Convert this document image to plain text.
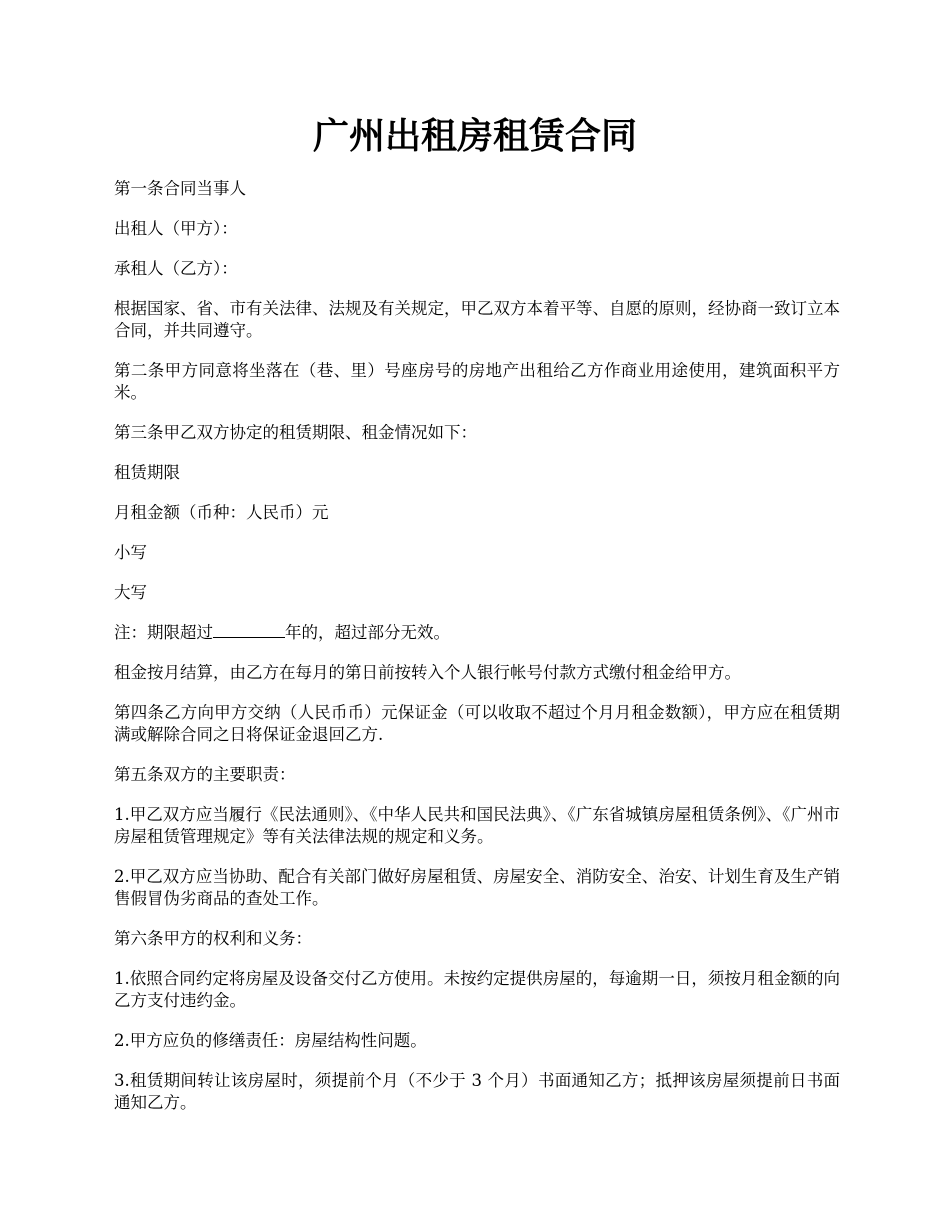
广州出租房租赁合同

第一条合同当事人

出租人（甲方）：

承租人（乙方）：

根据国家、省、市有关法律、法规及有关规定，甲乙双方本着平等、自愿的原则，经协商一致订立本合同，并共同遵守。

第二条甲方同意将坐落在（巷、里）号座房号的房地产出租给乙方作商业用途使用，建筑面积平方米。

第三条甲乙双方协定的租赁期限、租金情况如下：

租赁期限

月租金额（币种：人民币）元

小写

大写

注：期限超过	年的，超过部分无效。

租金按月结算，由乙方在每月的第日前按转入个人银行帐号付款方式缴付租金给甲方。

第四条乙方向甲方交纳（人民币币）元保证金（可以收取不超过个月月租金数额），甲方应在租赁期满或解除合同之日将保证金退回乙方.

第五条双方的主要职责：

1.甲乙双方应当履行《民法通则》、《中华人民共和国民法典》、《广东省城镇房屋租赁条例》、《广州市房屋租赁管理规定》等有关法律法规的规定和义务。

2.甲乙双方应当协助、配合有关部门做好房屋租赁、房屋安全、消防安全、治安、计划生育及生产销售假冒伪劣商品的查处工作。

第六条甲方的权利和义务：

1.依照合同约定将房屋及设备交付乙方使用。未按约定提供房屋的，每逾期一日，须按月租金额的向乙方支付违约金。

2.甲方应负的修缮责任：房屋结构性问题。

3.租赁期间转让该房屋时，须提前个月（不少于 3 个月）书面通知乙方；抵押该房屋须提前日书面通知乙方。
